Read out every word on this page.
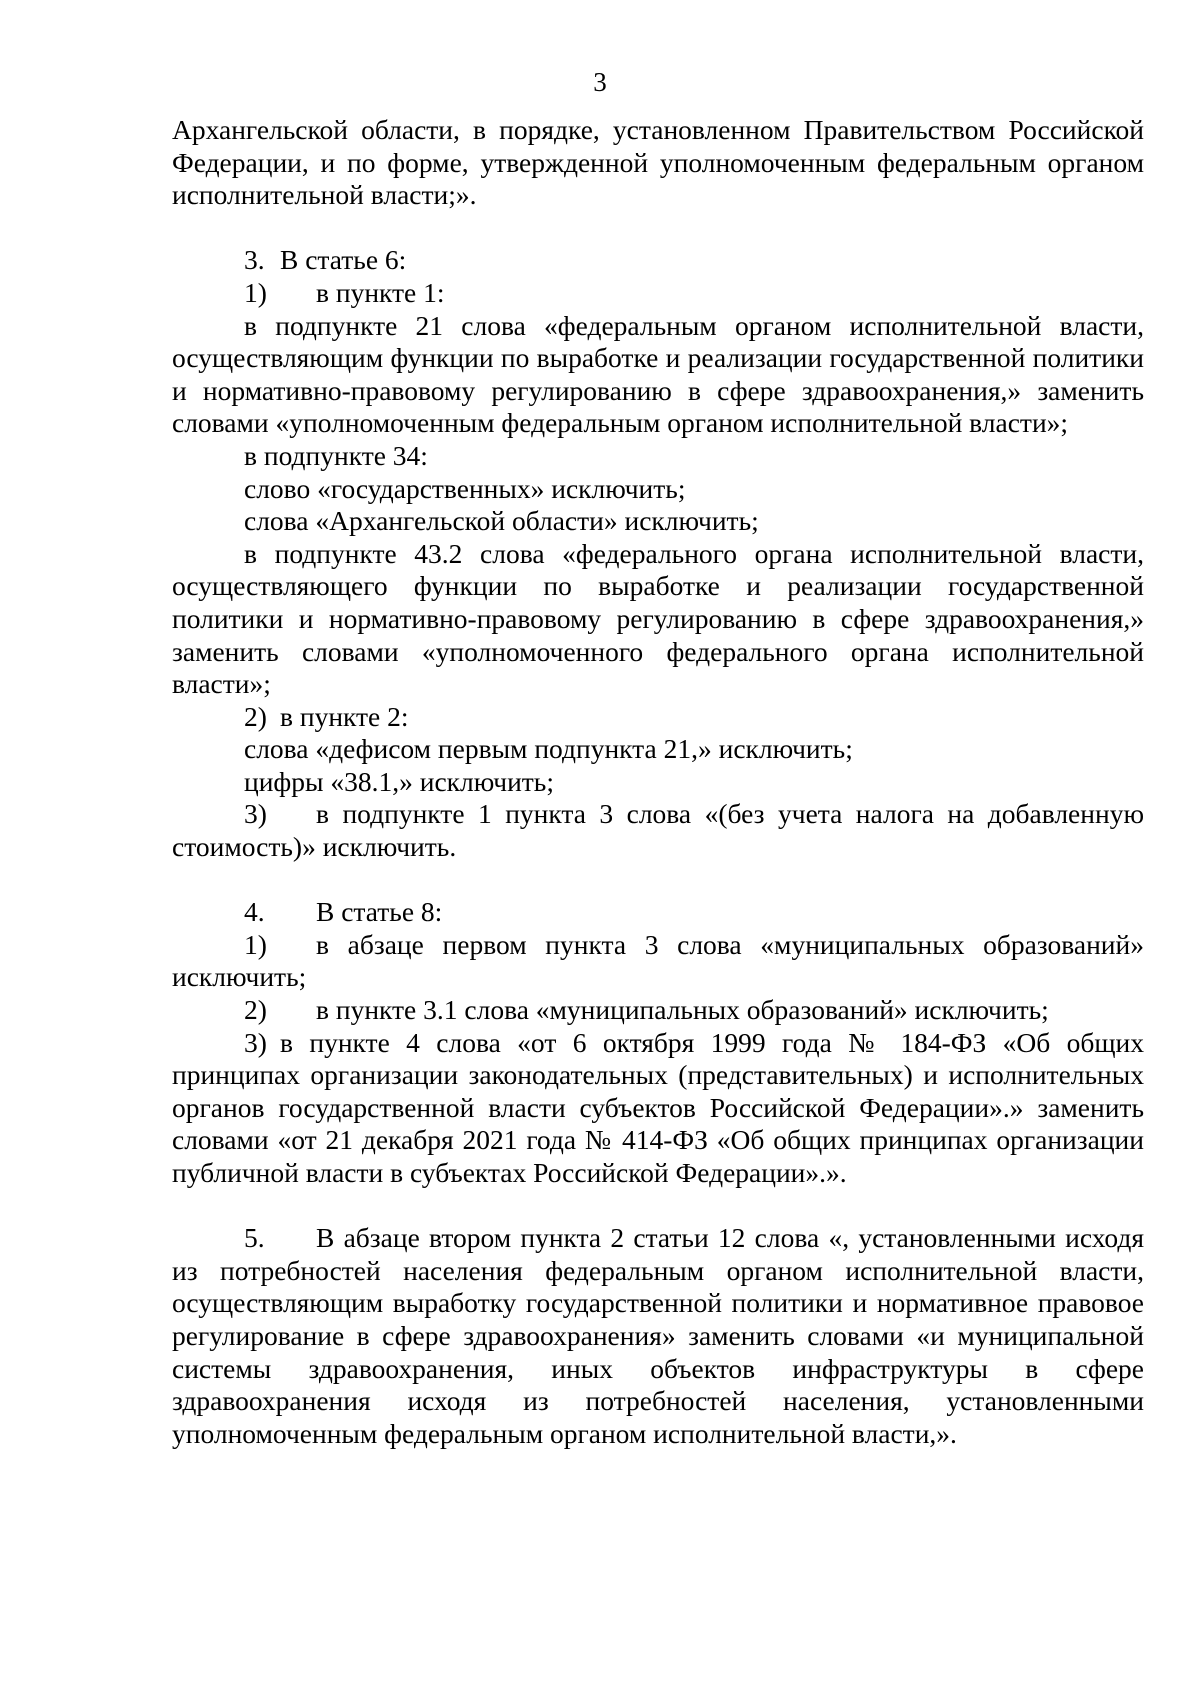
3

Архангельской области, в порядке, установленном Правительством Российской Федерации, и по форме, утвержденной уполномоченным федеральным органом исполнительной власти;».

3. В статье 6:

1) в пункте 1:

в подпункте 21 слова «федеральным органом исполнительной власти, осуществляющим функции по выработке и реализации государственной политики и нормативно-правовому регулированию в сфере здравоохранения,» заменить словами «уполномоченным федеральным органом исполнительной власти»;

в подпункте 34:

слово «государственных» исключить;

слова «Архангельской области» исключить;

в подпункте 43.2 слова «федерального органа исполнительной власти, осуществляющего функции по выработке и реализации государственной политики и нормативно-правовому регулированию в сфере здравоохранения,» заменить словами «уполномоченного федерального органа исполнительной власти»;

2) в пункте 2:

слова «дефисом первым подпункта 21,» исключить;

цифры «38.1,» исключить;

3) в подпункте 1 пункта 3 слова «(без учета налога на добавленную стоимость)» исключить.

4. В статье 8:

1) в абзаце первом пункта 3 слова «муниципальных образований» исключить;

2) в пункте 3.1 слова «муниципальных образований» исключить;

3) в пункте 4 слова «от 6 октября 1999 года № 184-ФЗ «Об общих принципах организации законодательных (представительных) и исполнительных органов государственной власти субъектов Российской Федерации».» заменить словами «от 21 декабря 2021 года № 414-ФЗ «Об общих принципах организации публичной власти в субъектах Российской Федерации».».

5. В абзаце втором пункта 2 статьи 12 слова «, установленными исходя из потребностей населения федеральным органом исполнительной власти, осуществляющим выработку государственной политики и нормативное правовое регулирование в сфере здравоохранения» заменить словами «и муниципальной системы здравоохранения, иных объектов инфраструктуры в сфере здравоохранения исходя из потребностей населения, установленными уполномоченным федеральным органом исполнительной власти,».
